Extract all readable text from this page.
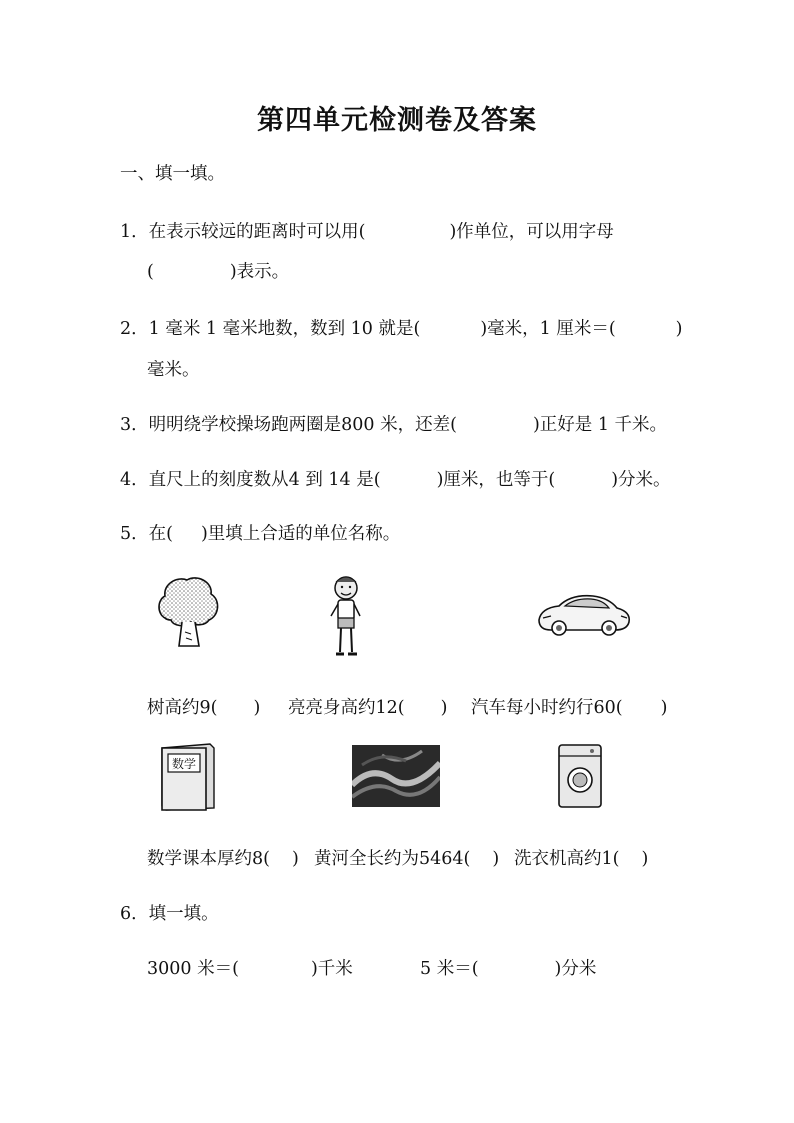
第四单元检测卷及答案
一、填一填。
1．在表示较远的距离时可以用(	)作单位，可以用字母
(	)表示。
2．1 毫米 1 毫米地数，数到 10 就是(	)毫米，1 厘米＝(	)
毫米。
3．明明绕学校操场跑两圈是800 米，还差(	)正好是 1 千米。
4．直尺上的刻度数从4 到 14 是(	)厘米，也等于(	)分米。
5．在( )里填上合适的单位名称。
树高约9( ) 亮亮身高约12( ) 汽车每小时约行60( )
数学
数学课本厚约8( ) 黄河全长约为5464( ) 洗衣机高约1( )
6．填一填。
3000 米＝(	)千米	5 米＝(	)分米
